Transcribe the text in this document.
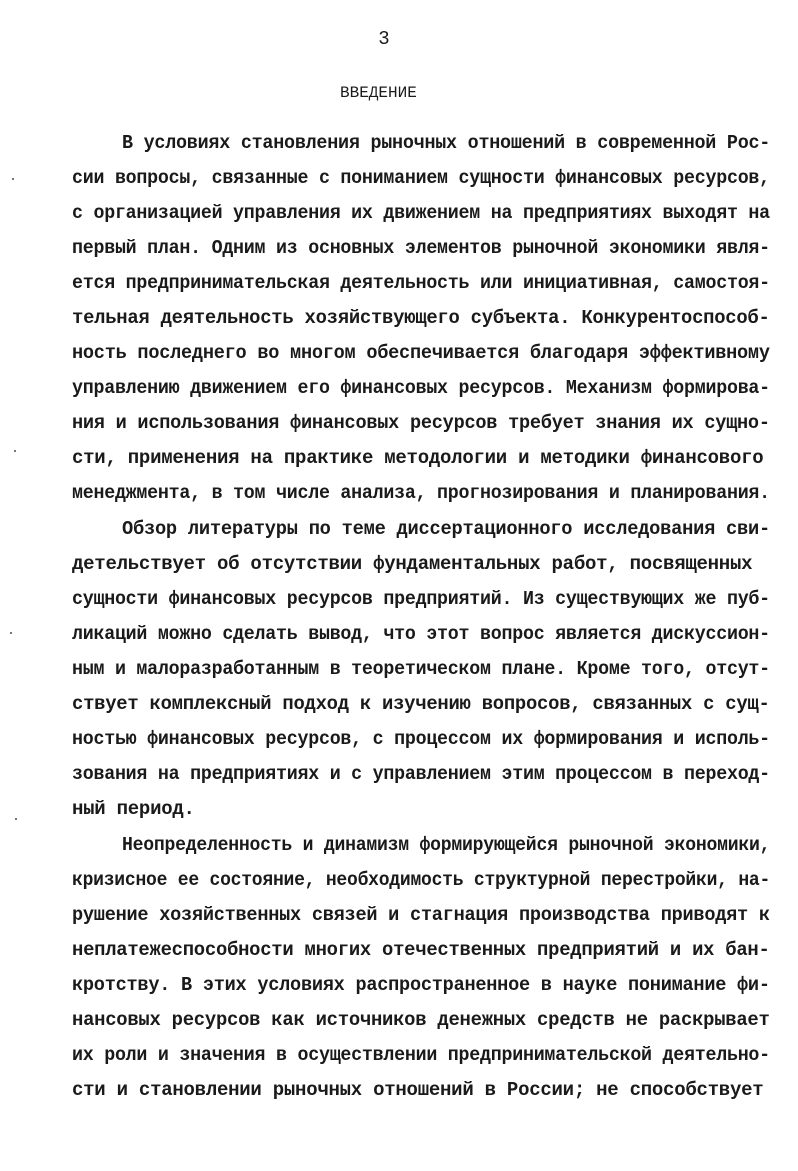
3
ВВЕДЕНИЕ
В условиях становления рыночных отношений в современной Рос-
сии вопросы, связанные с пониманием сущности финансовых ресурсов,
с организацией управления их движением на предприятиях выходят на
первый план. Одним из основных элементов рыночной экономики явля-
ется предпринимательская деятельность или инициативная, самостоя-
тельная деятельность хозяйствующего субъекта. Конкурентоспособ-
ность последнего во многом обеспечивается благодаря эффективному
управлению движением его финансовых ресурсов. Механизм формирова-
ния и использования финансовых ресурсов требует знания их сущно-
сти, применения на практике методологии и методики финансового
менеджмента, в том числе анализа, прогнозирования и планирования.
Обзор литературы по теме диссертационного исследования сви-
детельствует об отсутствии фундаментальных работ, посвященных
сущности финансовых ресурсов предприятий. Из существующих же пуб-
ликаций можно сделать вывод, что этот вопрос является дискуссион-
ным и малоразработанным в теоретическом плане. Кроме того, отсут-
ствует комплексный подход к изучению вопросов, связанных с сущ-
ностью финансовых ресурсов, с процессом их формирования и исполь-
зования на предприятиях и с управлением этим процессом в переход-
ный период.
Неопределенность и динамизм формирующейся рыночной экономики,
кризисное ее состояние, необходимость структурной перестройки, на-
рушение хозяйственных связей и стагнация производства приводят к
неплатежеспособности многих отечественных предприятий и их бан-
кротству. В этих условиях распространенное в науке понимание фи-
нансовых ресурсов как источников денежных средств не раскрывает
их роли и значения в осуществлении предпринимательской деятельно-
сти и становлении рыночных отношений в России; не способствует
